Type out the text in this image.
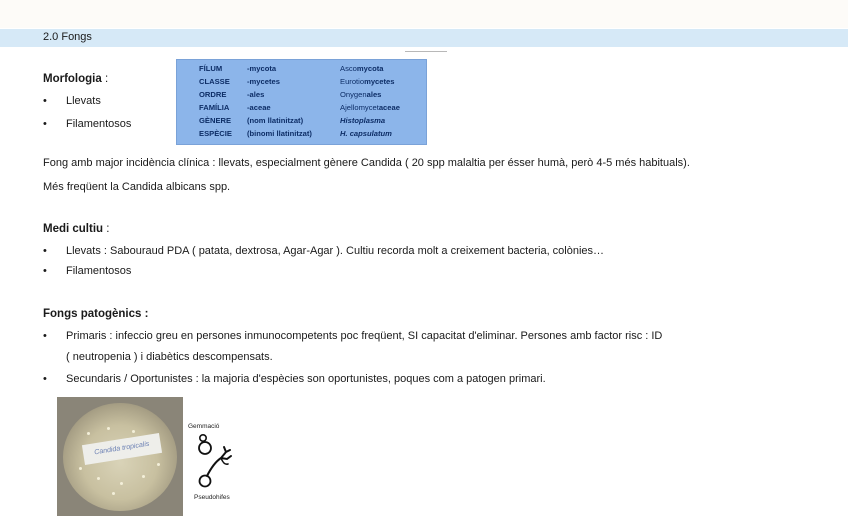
2.0 Fongs
Morfologia :
• Llevats
• Filamentosos
FÍLUM	-mycota	Ascomycota
CLASSE -mycetes	Eurotiomycetes
ORDRE	-ales	Onygenales
FAMÍLIA -aceae	Ajellomycetaceae
GÈNERE (nom llatinitzat)	Histoplasma
ESPÈCIE (binomi llatinitzat)	H. capsulatum
Fong amb major incidència clínica : llevats, especialment gènere Candida ( 20 spp malaltia per ésser humà, però 4-5 més habituals).
Més freqüent la Candida albicans spp.
Medi cultiu :
• Llevats : Sabouraud PDA ( patata, dextrosa, Agar-Agar ). Cultiu recorda molt a creixement bacteria, colònies…
• Filamentosos
Fongs patogènics :
• Primaris : infeccio greu en persones inmunocompetents poc freqüent, SI capacitat d'eliminar. Persones amb factor risc : ID
( neutropenia ) i diabètics descompensats.
• Secundaris / Oportunistes : la majoria d'espècies son oportunistes, poques com a patogen primari.
Candida tropicalis
Gemmació
Pseudohifes
